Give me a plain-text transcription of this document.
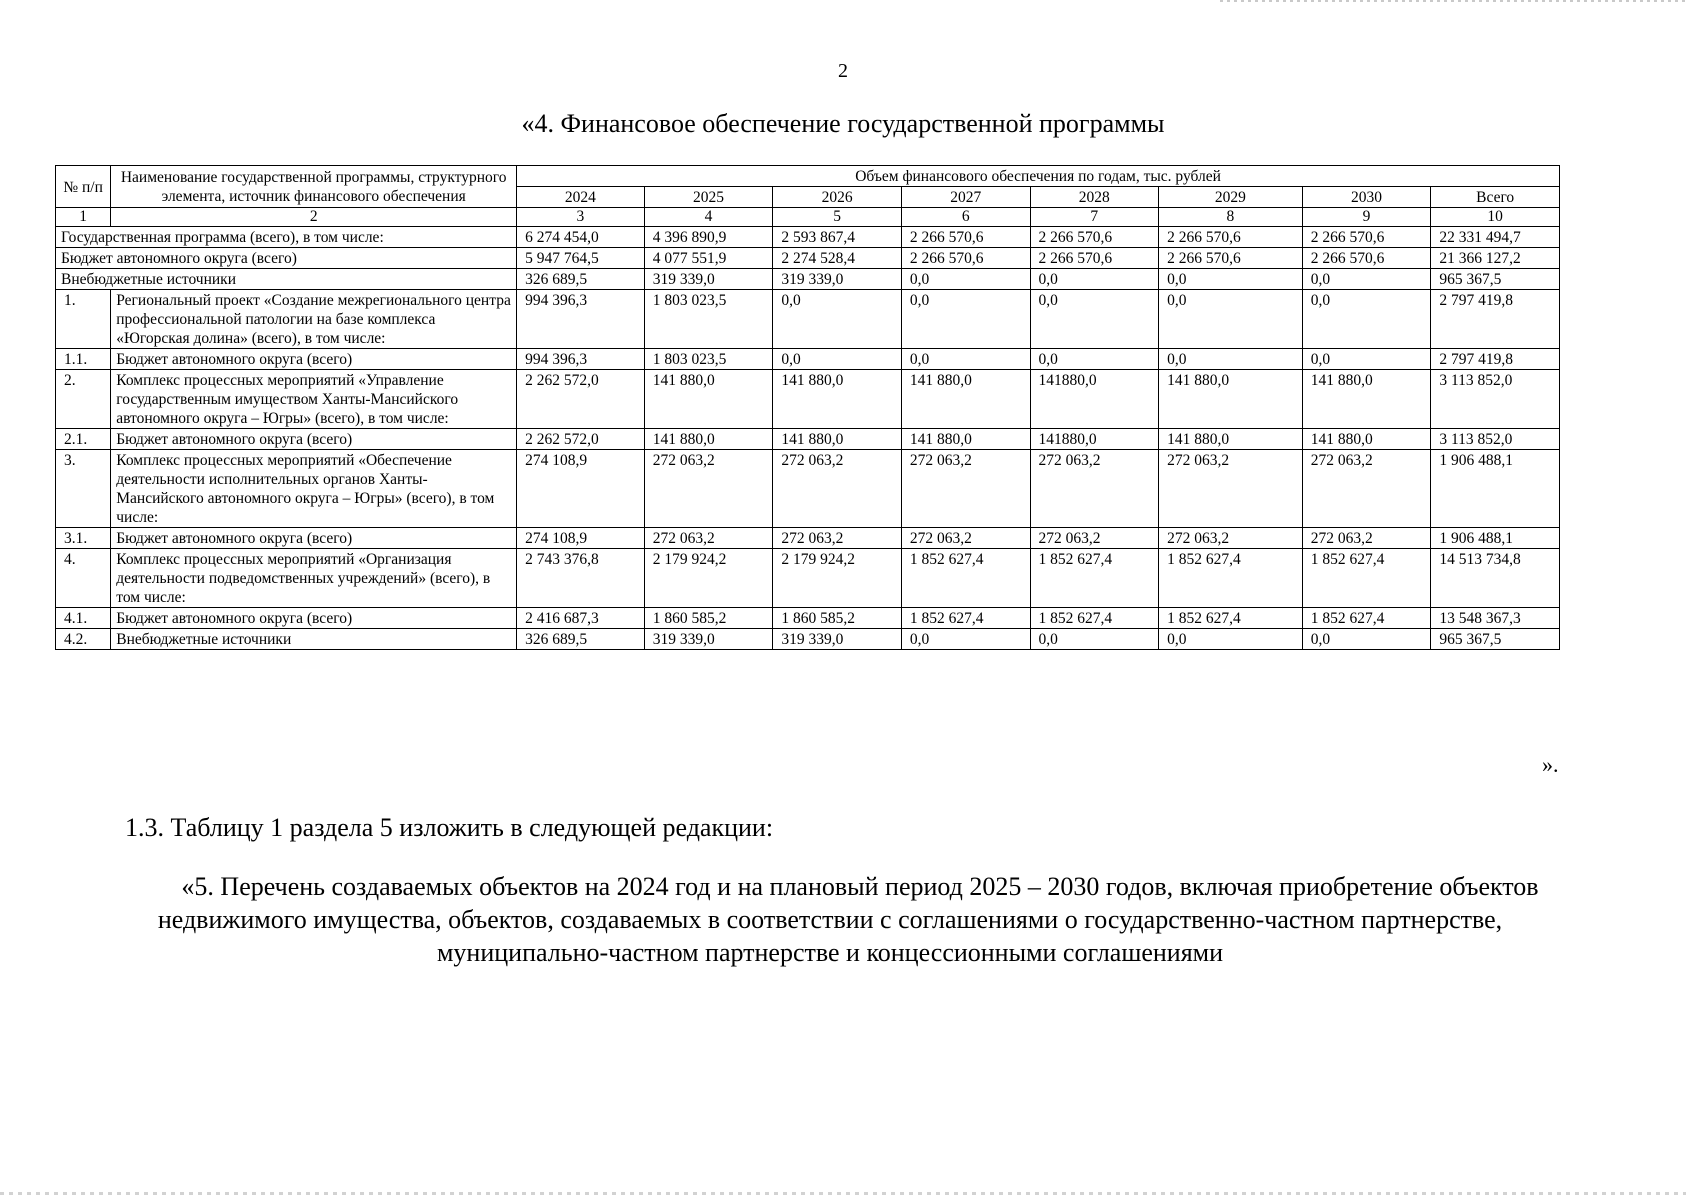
2
«4. Финансовое обеспечение государственной программы
№ п/п	Наименование государственной программы, структурного элемента, источник финансового обеспечения	Объем финансового обеспечения по годам, тыс. рублей							
		2024	2025	2026	2027	2028	2029	2030	Всего
1	2	3	4	5	6	7	8	9	10
Государственная программа (всего), в том числе:		6 274 454,0	4 396 890,9	2 593 867,4	2 266 570,6	2 266 570,6	2 266 570,6	2 266 570,6	22 331 494,7
Бюджет автономного округа (всего)		5 947 764,5	4 077 551,9	2 274 528,4	2 266 570,6	2 266 570,6	2 266 570,6	2 266 570,6	21 366 127,2
Внебюджетные источники		326 689,5	319 339,0	319 339,0	0,0	0,0	0,0	0,0	965 367,5
1.	Региональный проект «Создание межрегионального центра профессиональной патологии на базе комплекса «Югорская долина» (всего), в том числе:	994 396,3	1 803 023,5	0,0	0,0	0,0	0,0	0,0	2 797 419,8
1.1.	Бюджет автономного округа (всего)	994 396,3	1 803 023,5	0,0	0,0	0,0	0,0	0,0	2 797 419,8
2.	Комплекс процессных мероприятий «Управление государственным имуществом Ханты-Мансийского автономного округа – Югры» (всего), в том числе:	2 262 572,0	141 880,0	141 880,0	141 880,0	141880,0	141 880,0	141 880,0	3 113 852,0
2.1.	Бюджет автономного округа (всего)	2 262 572,0	141 880,0	141 880,0	141 880,0	141880,0	141 880,0	141 880,0	3 113 852,0
3.	Комплекс процессных мероприятий «Обеспечение деятельности исполнительных органов Ханты-Мансийского автономного округа – Югры» (всего), в том числе:	274 108,9	272 063,2	272 063,2	272 063,2	272 063,2	272 063,2	272 063,2	1 906 488,1
3.1.	Бюджет автономного округа (всего)	274 108,9	272 063,2	272 063,2	272 063,2	272 063,2	272 063,2	272 063,2	1 906 488,1
4.	Комплекс процессных мероприятий «Организация деятельности подведомственных учреждений» (всего), в том числе:	2 743 376,8	2 179 924,2	2 179 924,2	1 852 627,4	1 852 627,4	1 852 627,4	1 852 627,4	14 513 734,8
4.1.	Бюджет автономного округа (всего)	2 416 687,3	1 860 585,2	1 860 585,2	1 852 627,4	1 852 627,4	1 852 627,4	1 852 627,4	13 548 367,3
4.2.	Внебюджетные источники	326 689,5	319 339,0	319 339,0	0,0	0,0	0,0	0,0	965 367,5
».
1.3. Таблицу 1 раздела 5 изложить в следующей редакции:
«5. Перечень создаваемых объектов на 2024 год и на плановый период 2025 – 2030 годов, включая приобретение объектов недвижимого имущества, объектов, создаваемых в соответствии с соглашениями о государственно-частном партнерстве, муниципально-частном партнерстве и концессионными соглашениями
